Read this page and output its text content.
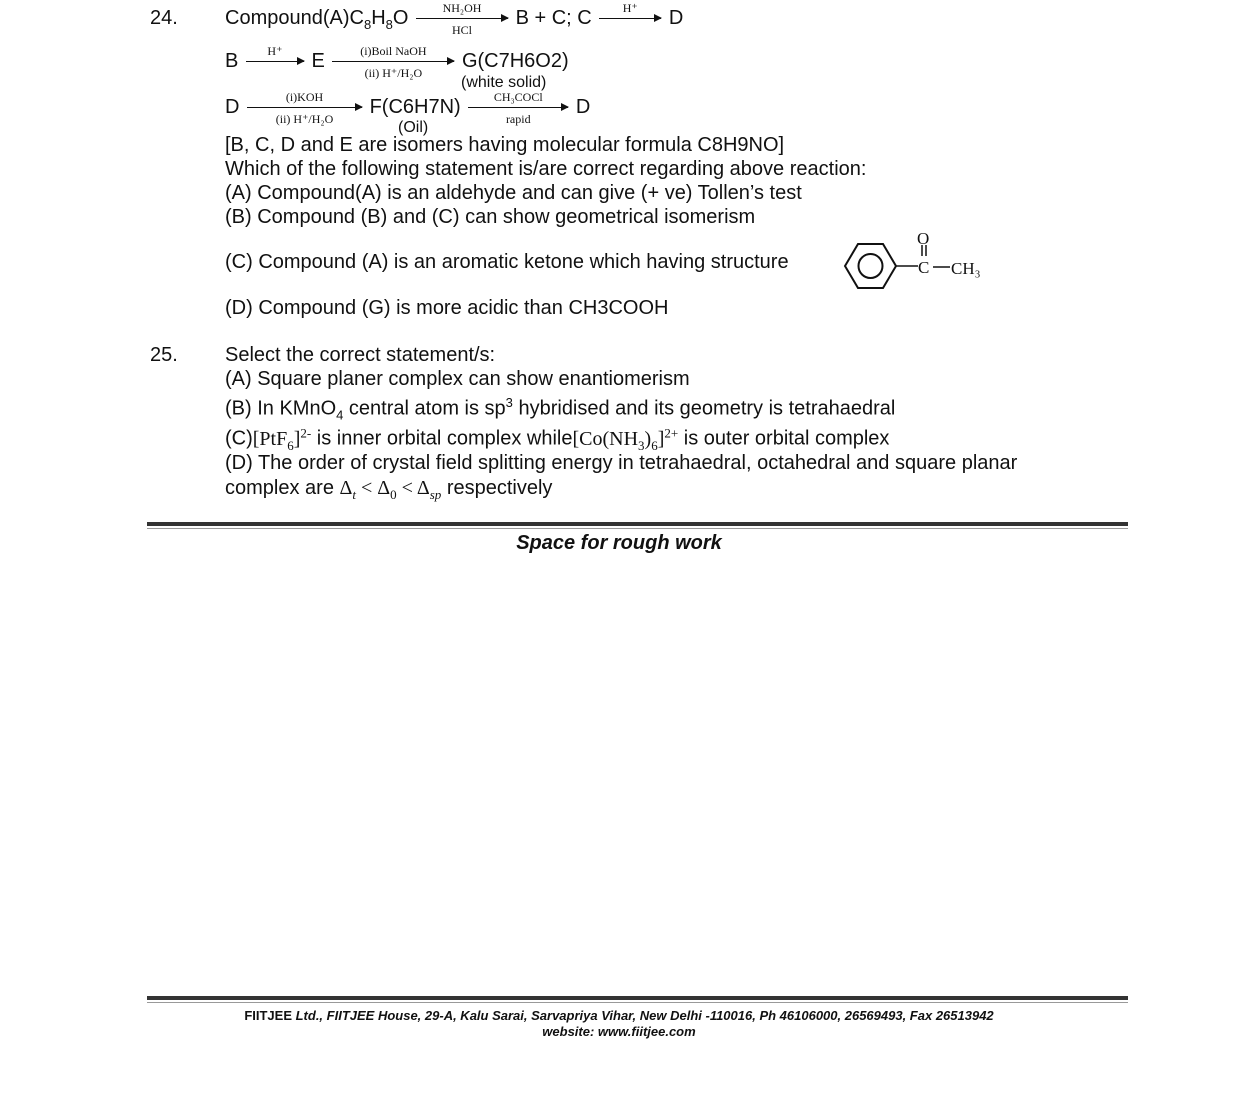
24. $Compound(A)C_8H_8O$	NH₂OH
HCl
B + C; C	H⁺	D
B	H⁺	E	(i)Boil NaOH
(ii) H⁺/H₂O
G(C7H6O2)
(white solid)
D	(i)KOH
(ii) H⁺/H₂O
F(C6H7N)	CH₃COCl
rapid
D
(Oil)
[B, C, D and E are isomers having molecular formula C8H9NO]
Which of the following statement is/are correct regarding above reaction:
(A) Compound(A) is an aldehyde and can give (+ ve) Tollen’s test
(B) Compound (B) and (C) can show geometrical isomerism
(C) Compound (A) is an aromatic ketone which having structure
O
C CH₃
(D) Compound (G) is more acidic than CH3COOH
25. Select the correct statement/s:
(A) Square planer complex can show enantiomerism
(B) In KMnO$_4$ central atom is $sp^3$ hybridised and its geometry is tetrahaedral
$(C)[PtF_6]^{2-}$ is inner orbital complex $while[Co(NH_3)_6]^{2+}$ is outer orbital complex
(D) The order of crystal field splitting energy in tetrahaedral, octahedral and square planar
complex are $\Delta_t < \Delta_0 < \Delta_{sp}$ respectively
Space for rough work
FIITJEE Ltd., FIITJEE House, 29-A, Kalu Sarai, Sarvapriya Vihar, New Delhi -110016, Ph 46106000, 26569493, Fax 26513942
website: www.fiitjee.com
